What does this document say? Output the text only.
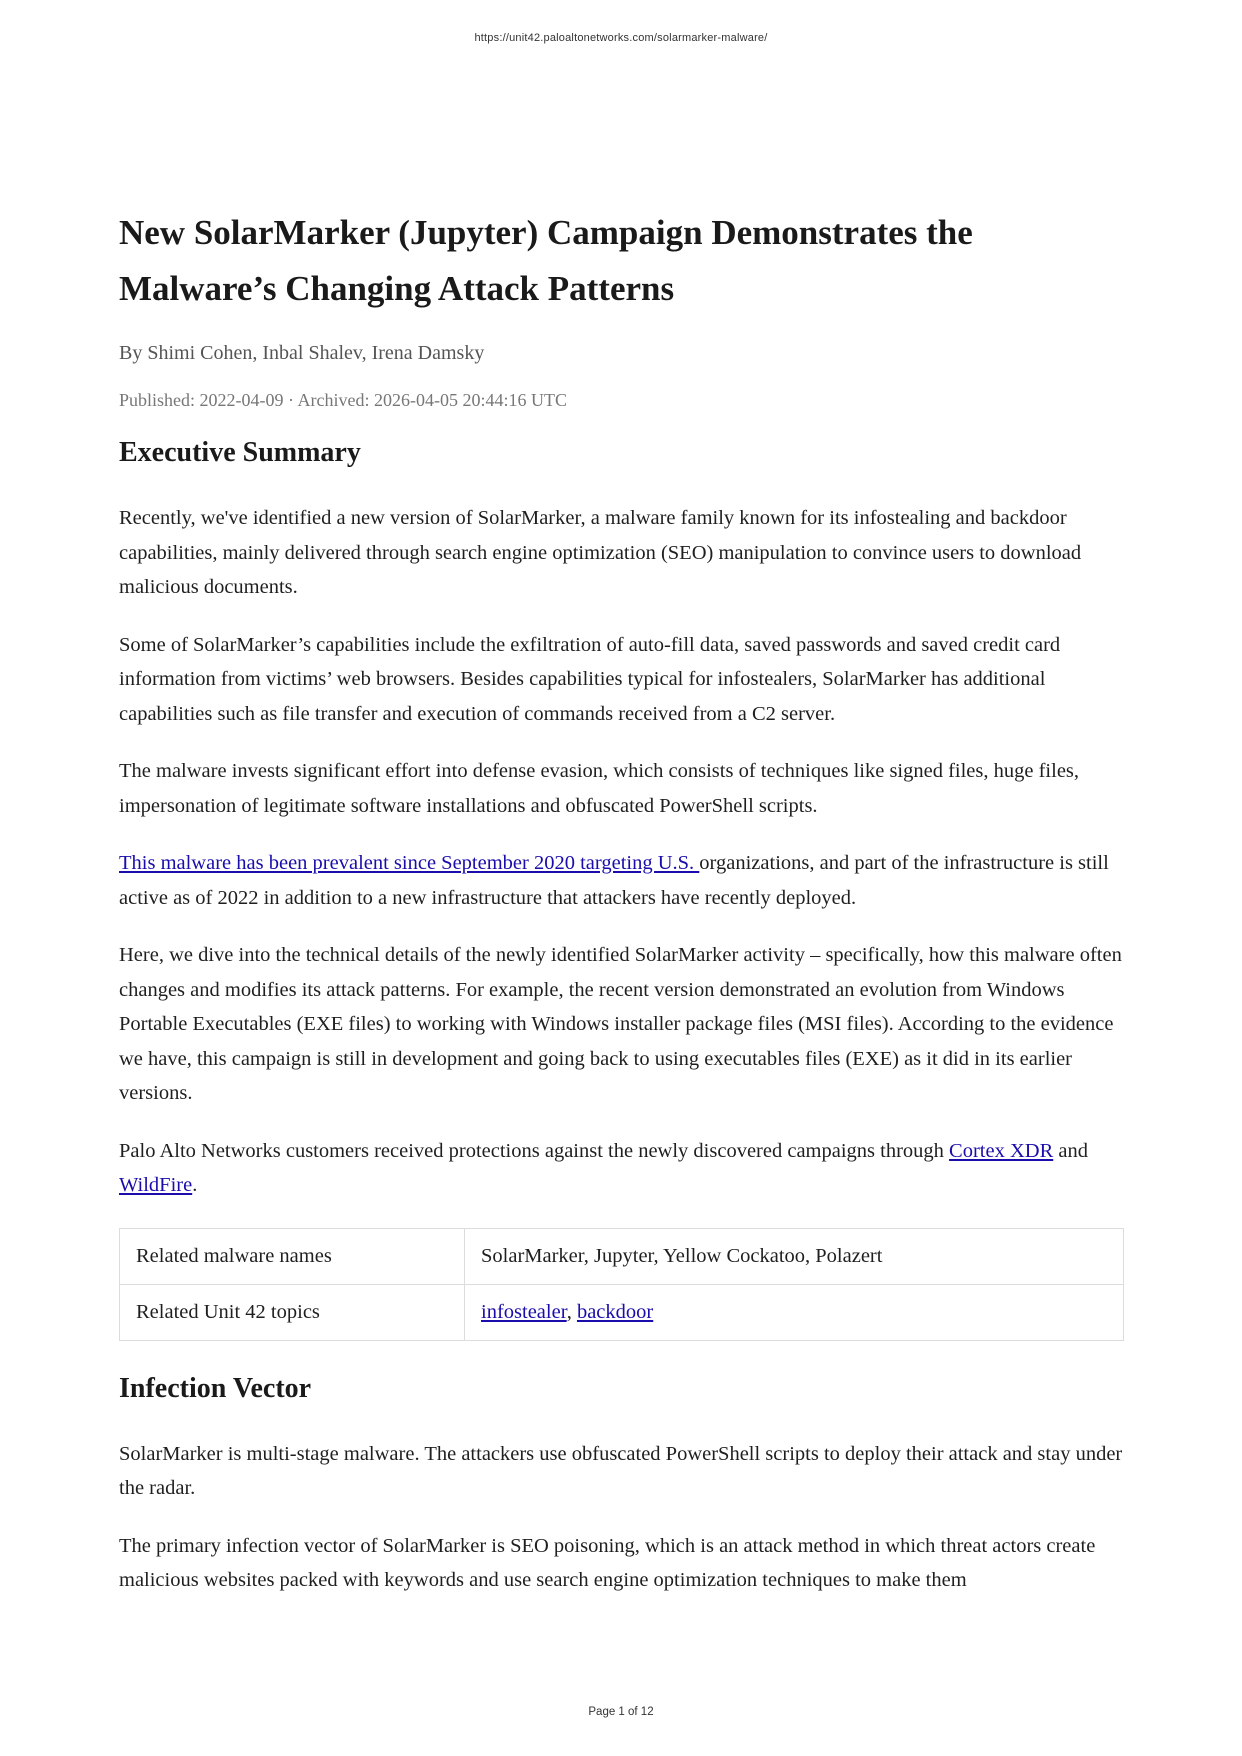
https://unit42.paloaltonetworks.com/solarmarker-malware/
New SolarMarker (Jupyter) Campaign Demonstrates the Malware’s Changing Attack Patterns
By Shimi Cohen, Inbal Shalev, Irena Damsky
Published: 2022-04-09 · Archived: 2026-04-05 20:44:16 UTC
Executive Summary

Recently, we've identified a new version of SolarMarker, a malware family known for its infostealing and backdoor capabilities, mainly delivered through search engine optimization (SEO) manipulation to convince users to download malicious documents.

Some of SolarMarker’s capabilities include the exfiltration of auto-fill data, saved passwords and saved credit card information from victims’ web browsers. Besides capabilities typical for infostealers, SolarMarker has additional capabilities such as file transfer and execution of commands received from a C2 server.

The malware invests significant effort into defense evasion, which consists of techniques like signed files, huge files, impersonation of legitimate software installations and obfuscated PowerShell scripts.

This malware has been prevalent since September 2020 targeting U.S. organizations, and part of the infrastructure is still active as of 2022 in addition to a new infrastructure that attackers have recently deployed.

Here, we dive into the technical details of the newly identified SolarMarker activity – specifically, how this malware often changes and modifies its attack patterns. For example, the recent version demonstrated an evolution from Windows Portable Executables (EXE files) to working with Windows installer package files (MSI files). According to the evidence we have, this campaign is still in development and going back to using executables files (EXE) as it did in its earlier versions.

Palo Alto Networks customers received protections against the newly discovered campaigns through Cortex XDR and WildFire.

Related malware names	SolarMarker, Jupyter, Yellow Cockatoo, Polazert
Related Unit 42 topics	infostealer, backdoor
Infection Vector

SolarMarker is multi-stage malware. The attackers use obfuscated PowerShell scripts to deploy their attack and stay under the radar.

The primary infection vector of SolarMarker is SEO poisoning, which is an attack method in which threat actors create malicious websites packed with keywords and use search engine optimization techniques to make them

Page 1 of 12
